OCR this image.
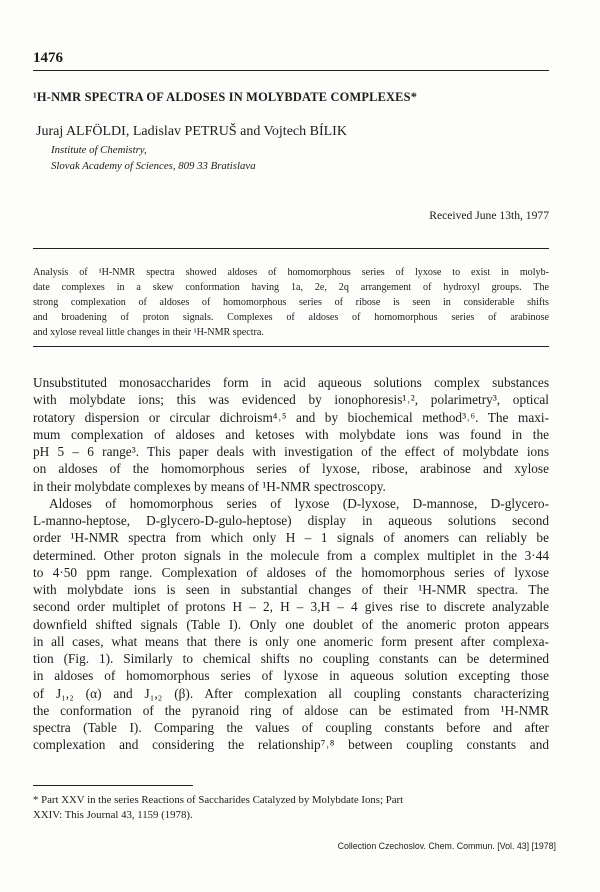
1476
¹H-NMR SPECTRA OF ALDOSES IN MOLYBDATE COMPLEXES*
Juraj ALFÖLDI, Ladislav PETRUŠ and Vojtech BÍLIK
Institute of Chemistry,
Slovak Academy of Sciences, 809 33 Bratislava
Received June 13th, 1977
Analysis of ¹H-NMR spectra showed aldoses of homomorphous series of lyxose to exist in molyb-
date complexes in a skew conformation having 1a, 2e, 2q arrangement of hydroxyl groups. The
strong complexation of aldoses of homomorphous series of ribose is seen in considerable shifts
and broadening of proton signals. Complexes of aldoses of homomorphous series of arabinose
and xylose reveal little changes in their ¹H-NMR spectra.
Unsubstituted monosaccharides form in acid aqueous solutions complex substances
with molybdate ions; this was evidenced by ionophoresis¹˒², polarimetry³, optical
rotatory dispersion or circular dichroism⁴˒⁵ and by biochemical method³˒⁶. The maxi-
mum complexation of aldoses and ketoses with molybdate ions was found in the
pH 5 – 6 range³. This paper deals with investigation of the effect of molybdate ions
on aldoses of the homomorphous series of lyxose, ribose, arabinose and xylose
in their molybdate complexes by means of ¹H-NMR spectroscopy.
Aldoses of homomorphous series of lyxose (D-lyxose, D-mannose, D-glycero-
L-manno-heptose, D-glycero-D-gulo-heptose) display in aqueous solutions second
order ¹H-NMR spectra from which only H – 1 signals of anomers can reliably be
determined. Other proton signals in the molecule from a complex multiplet in the 3·44
to 4·50 ppm range. Complexation of aldoses of the homomorphous series of lyxose
with molybdate ions is seen in substantial changes of their ¹H-NMR spectra. The
second order multiplet of protons H – 2, H – 3,H – 4 gives rise to discrete analyzable
downfield shifted signals (Table I). Only one doublet of the anomeric proton appears
in all cases, what means that there is only one anomeric form present after complexa-
tion (Fig. 1). Similarly to chemical shifts no coupling constants can be determined
in aldoses of homomorphous series of lyxose in aqueous solution excepting those
of J₁,₂ (α) and J₁,₂ (β). After complexation all coupling constants characterizing
the conformation of the pyranoid ring of aldose can be estimated from ¹H-NMR
spectra (Table I). Comparing the values of coupling constants before and after
complexation and considering the relationship⁷˒⁸ between coupling constants and
* Part XXV in the series Reactions of Saccharides Catalyzed by Molybdate Ions; Part
XXIV: This Journal 43, 1159 (1978).
Collection Czechoslov. Chem. Commun. [Vol. 43] [1978]
